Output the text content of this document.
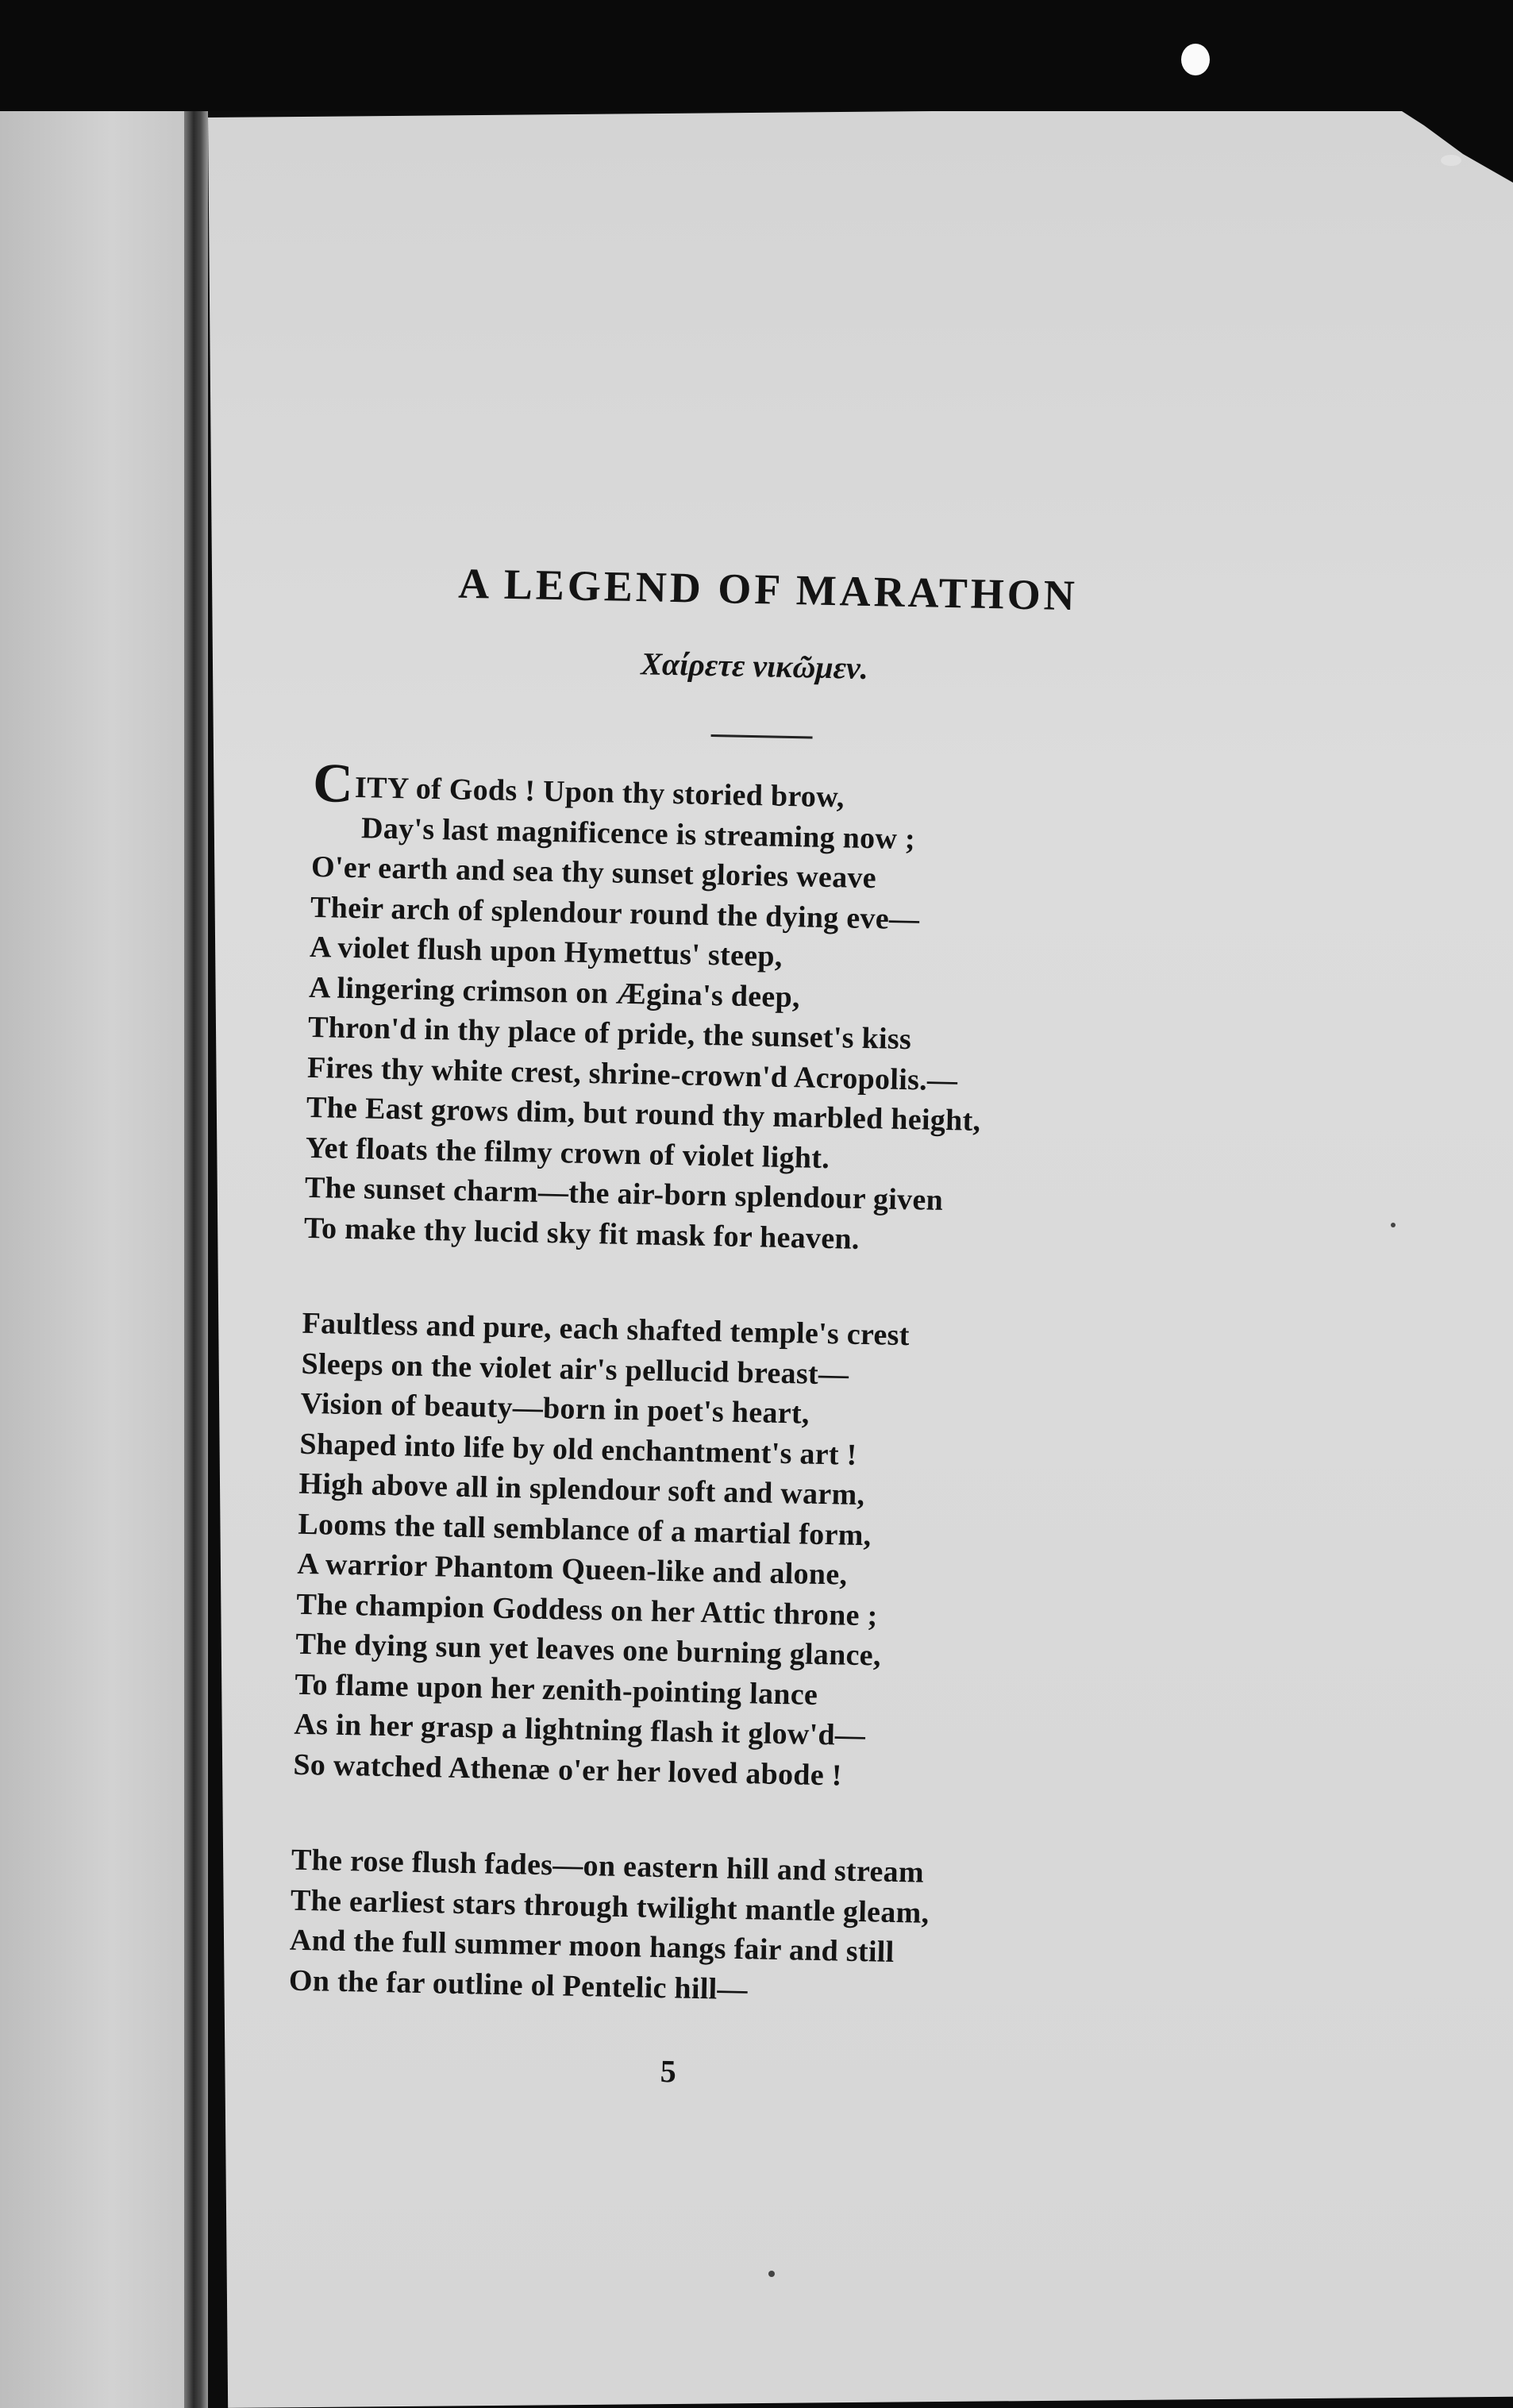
A LEGEND OF MARATHON
Χαίρετε νικῶμεν.
CITY of Gods ! Upon thy storied brow,
Day's last magnificence is streaming now ;
O'er earth and sea thy sunset glories weave
Their arch of splendour round the dying eve—
A violet flush upon Hymettus' steep,
A lingering crimson on Ægina's deep,
Thron'd in thy place of pride, the sunset's kiss
Fires thy white crest, shrine-crown'd Acropolis.—
The East grows dim, but round thy marbled height,
Yet floats the filmy crown of violet light.
The sunset charm—the air-born splendour given
To make thy lucid sky fit mask for heaven.
Faultless and pure, each shafted temple's crest
Sleeps on the violet air's pellucid breast—
Vision of beauty—born in poet's heart,
Shaped into life by old enchantment's art !
High above all in splendour soft and warm,
Looms the tall semblance of a martial form,
A warrior Phantom Queen-like and alone,
The champion Goddess on her Attic throne ;
The dying sun yet leaves one burning glance,
To flame upon her zenith-pointing lance
As in her grasp a lightning flash it glow'd—
So watched Athenæ o'er her loved abode !
The rose flush fades—on eastern hill and stream
The earliest stars through twilight mantle gleam,
And the full summer moon hangs fair and still
On the far outline ol Pentelic hill—
5
